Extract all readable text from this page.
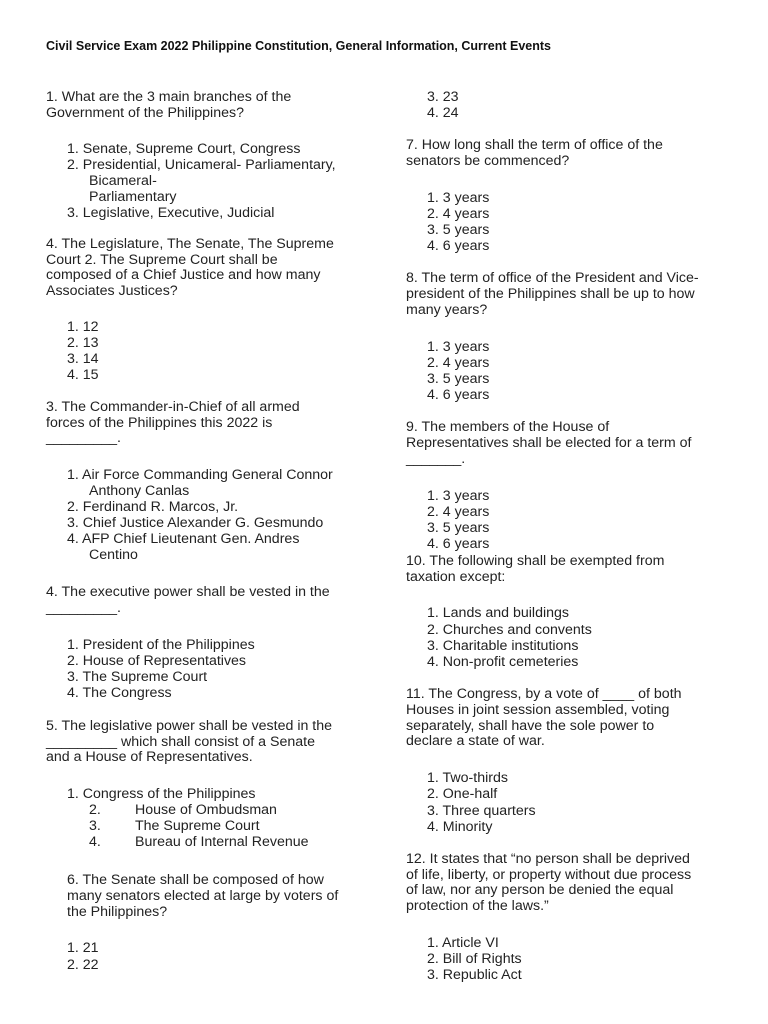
Civil Service Exam 2022 Philippine Constitution, General Information, Current Events
1. What are the 3 main branches of the
Government of the Philippines?
1. Senate, Supreme Court, Congress
2. Presidential, Unicameral- Parliamentary,
Bicameral-
Parliamentary
3. Legislative, Executive, Judicial
4. The Legislature, The Senate, The Supreme
Court 2. The Supreme Court shall be
composed of a Chief Justice and how many
Associates Justices?
1. 12
2. 13
3. 14
4. 15
3. The Commander-in-Chief of all armed
forces of the Philippines this 2022 is
_________.
1. Air Force Commanding General Connor
Anthony Canlas
2. Ferdinand R. Marcos, Jr.
3. Chief Justice Alexander G. Gesmundo
4. AFP Chief Lieutenant Gen. Andres
Centino
4. The executive power shall be vested in the
_________.
1. President of the Philippines
2. House of Representatives
3. The Supreme Court
4. The Congress
5. The legislative power shall be vested in the
_________ which shall consist of a Senate
and a House of Representatives.
1. Congress of the Philippines
2. House of Ombudsman
3. The Supreme Court
4. Bureau of Internal Revenue
6. The Senate shall be composed of how
many senators elected at large by voters of
the Philippines?
1. 21
2. 22
3. 23
4. 24
7. How long shall the term of office of the
senators be commenced?
1. 3 years
2. 4 years
3. 5 years
4. 6 years
8. The term of office of the President and Vice-
president of the Philippines shall be up to how
many years?
1. 3 years
2. 4 years
3. 5 years
4. 6 years
9. The members of the House of
Representatives shall be elected for a term of
_______.
1. 3 years
2. 4 years
3. 5 years
4. 6 years
10. The following shall be exempted from
taxation except:
1. Lands and buildings
2. Churches and convents
3. Charitable institutions
4. Non-profit cemeteries
11. The Congress, by a vote of ____ of both
Houses in joint session assembled, voting
separately, shall have the sole power to
declare a state of war.
1. Two-thirds
2. One-half
3. Three quarters
4. Minority
12. It states that “no person shall be deprived
of life, liberty, or property without due process
of law, nor any person be denied the equal
protection of the laws.”
1. Article VI
2. Bill of Rights
3. Republic Act
